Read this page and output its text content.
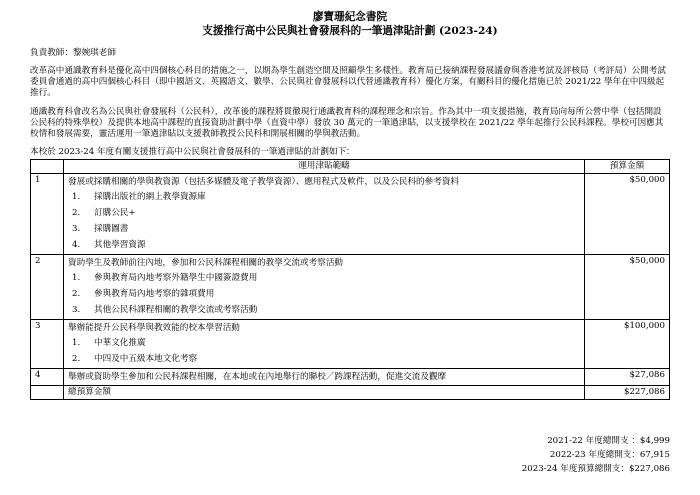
廖寶珊紀念書院
支援推行高中公民與社會發展科的一筆過津貼計劃 (2023-24)
負責教師：黎婉琪老師
改革高中通識教育科是優化高中四個核心科目的措施之一，以期為學生創造空間及照顧學生多樣性。教育局已接納課程發展議會與香港考試及評核局（考評局）公開考試委員會通過的高中四個核心科目（即中國語文、英國語文、數學、公民與社會發展科以代替通識教育科）優化方案，有關科目的優化措施已於 2021/22 學年在中四級起推行。
通識教育科會改名為公民與社會發展科（公民科），改革後的課程將貫徹現行通識教育科的課程理念和宗旨。作為其中一項支援措施，教育局向每所公營中學（包括開設公民科的特殊學校）及提供本地高中課程的直接資助計劃中學（直資中學）發放 30 萬元的一筆過津貼，以支援學校在 2021/22 學年起推行公民科課程。學校可因應其校情和發展需要，靈活運用一筆過津貼以支援教師教授公民科和開展相關的學與教活動。
本校於 2023-24 年度有關支援推行高中公民與社會發展科的一筆過津貼的計劃如下：
	運用津貼範疇	預算金額
1	發展或採購相關的學與教資源（包括多媒體及電子教學資源）、應用程式及軟件，以及公民科的參考資料
1. 採購出版社的網上教學資源庫
2. 訂購公民+
3. 採購圖書
4. 其他學習資源	$50,000
2	資助學生及教師前往內地，參加和公民科課程相關的教學交流或考察活動
1. 參與教育局內地考察外籍學生中國簽證費用
2. 參與教育局內地考察的雜項費用
3. 其他公民科課程相關的教學交流或考察活動	$50,000
3	舉辦能提升公民科學與教效能的校本學習活動
1. 中華文化推廣
2. 中四及中五級本地文化考察	$100,000
4	舉辦或資助學生參加和公民科課程相關，在本地或在內地舉行的聯校／跨課程活動，促進交流及觀摩	$27,086
	總預算金額	$227,086
2021-22 年度總開支 ：$4,999
2022-23 年度總開支：67,915
2023-24 年度預算總開支：$227,086
